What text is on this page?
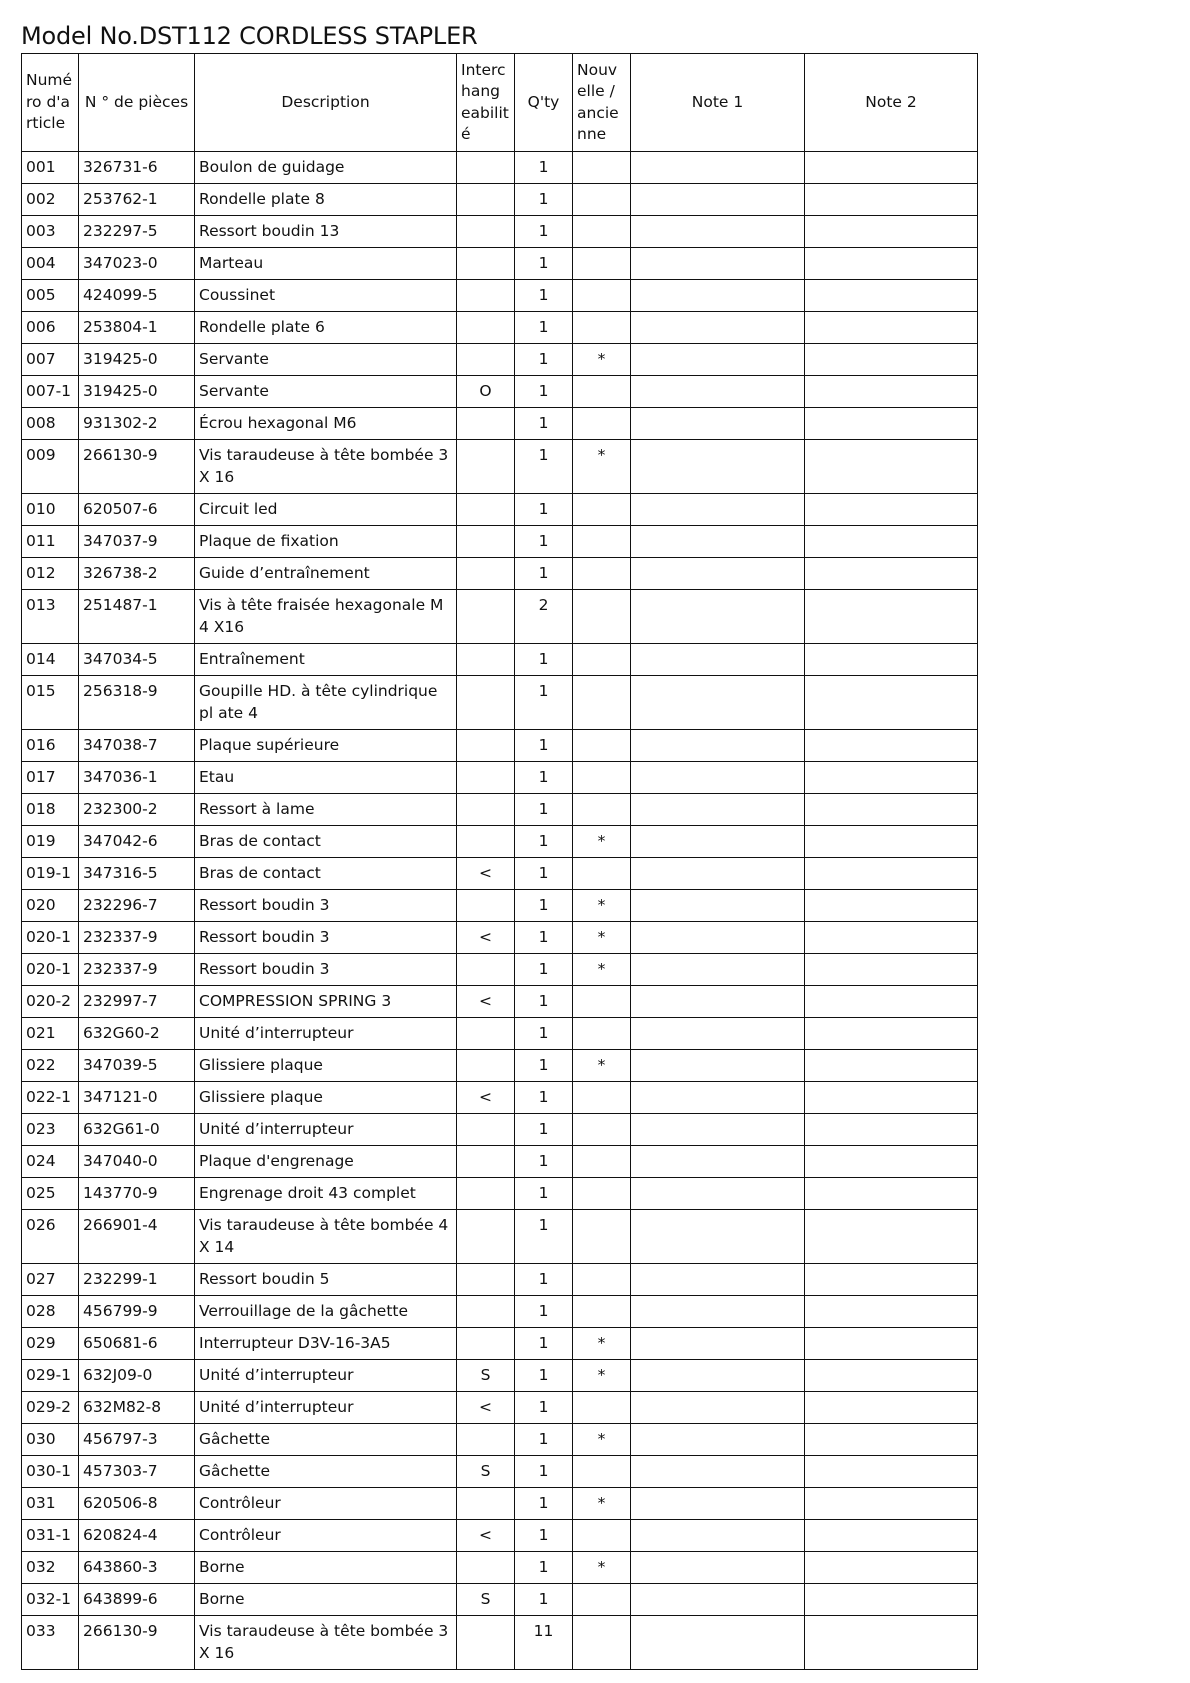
Model No.DST112 CORDLESS STAPLER
Numé ro d'a rticle	N ° de pièces	Description	Interc hang eabilit é	Q'ty	Nouv elle / ancie nne	Note 1	Note 2
001	326731-6	Boulon de guidage		1			
002	253762-1	Rondelle plate 8		1			
003	232297-5	Ressort boudin 13		1			
004	347023-0	Marteau		1			
005	424099-5	Coussinet		1			
006	253804-1	Rondelle plate 6		1			
007	319425-0	Servante		1	*		
007-1	319425-0	Servante	O	1			
008	931302-2	Écrou hexagonal M6		1			
009	266130-9	Vis taraudeuse à tête bombée 3X 16		1	*		
010	620507-6	Circuit led		1			
011	347037-9	Plaque de fixation		1			
012	326738-2	Guide d’entraînement		1			
013	251487-1	Vis à tête fraisée hexagonale M4 X16		2			
014	347034-5	Entraînement		1			
015	256318-9	Goupille HD. à tête cylindrique pl ate 4		1			
016	347038-7	Plaque supérieure		1			
017	347036-1	Etau		1			
018	232300-2	Ressort à lame		1			
019	347042-6	Bras de contact		1	*		
019-1	347316-5	Bras de contact	<	1			
020	232296-7	Ressort boudin 3		1	*		
020-1	232337-9	Ressort boudin 3	<	1	*		
020-1	232337-9	Ressort boudin 3		1	*		
020-2	232997-7	COMPRESSION SPRING 3	<	1			
021	632G60-2	Unité d’interrupteur		1			
022	347039-5	Glissiere plaque		1	*		
022-1	347121-0	Glissiere plaque	<	1			
023	632G61-0	Unité d’interrupteur		1			
024	347040-0	Plaque d'engrenage		1			
025	143770-9	Engrenage droit 43 complet		1			
026	266901-4	Vis taraudeuse à tête bombée 4X 14		1			
027	232299-1	Ressort boudin 5		1			
028	456799-9	Verrouillage de la gâchette		1			
029	650681-6	Interrupteur D3V-16-3A5		1	*		
029-1	632J09-0	Unité d’interrupteur	S	1	*		
029-2	632M82-8	Unité d’interrupteur	<	1			
030	456797-3	Gâchette		1	*		
030-1	457303-7	Gâchette	S	1			
031	620506-8	Contrôleur		1	*		
031-1	620824-4	Contrôleur	<	1			
032	643860-3	Borne		1	*		
032-1	643899-6	Borne	S	1			
033	266130-9	Vis taraudeuse à tête bombée 3X 16		11			
